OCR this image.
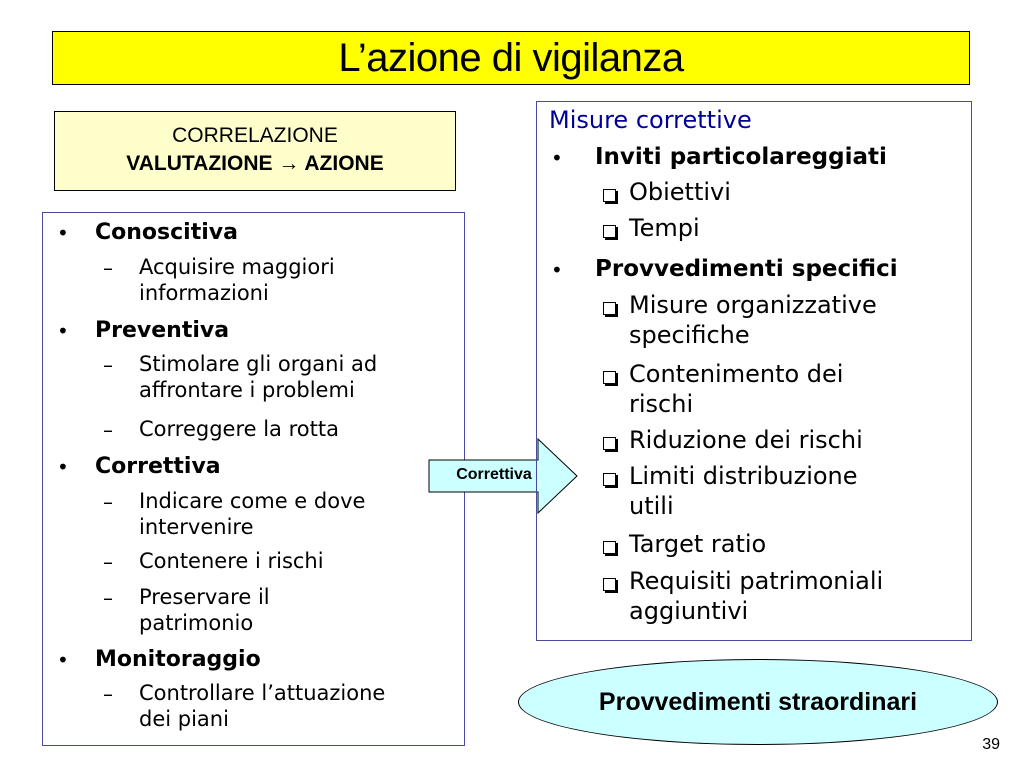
L’azione di vigilanza
CORRELAZIONE

VALUTAZIONE → AZIONE
• Conoscitiva
– Acquisire maggiori
informazioni
• Preventiva
– Stimolare gli organi ad
affrontare i problemi
– Correggere la rotta
• Correttiva
– Indicare come e dove
intervenire
– Contenere i rischi
– Preservare il
patrimonio
• Monitoraggio
– Controllare l’attuazione
dei piani
Correttiva
Misure correttive
• Inviti particolareggiati
Obiettivi
Tempi
• Provvedimenti specifici
Misure organizzative
specifiche
Contenimento dei
rischi
Riduzione dei rischi
Limiti distribuzione
utili
Target ratio
Requisiti patrimoniali
aggiuntivi
Provvedimenti straordinari
39
